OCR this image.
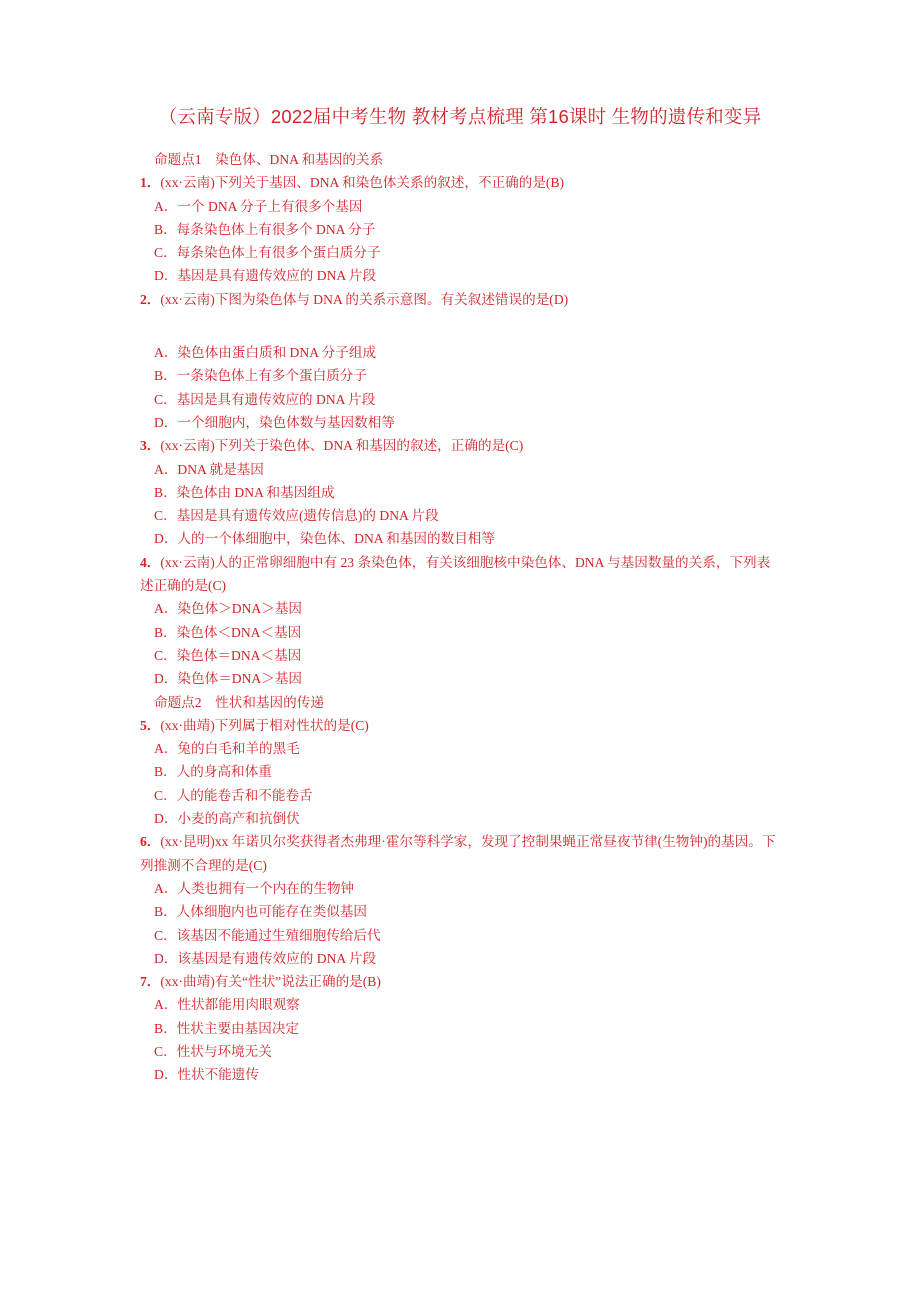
（云南专版）2022届中考生物 教材考点梳理 第16课时 生物的遗传和变异
命题点1　染色体、DNA 和基因的关系
1．(xx·云南)下列关于基因、DNA 和染色体关系的叙述，不正确的是(B)
A．一个 DNA 分子上有很多个基因
B．每条染色体上有很多个 DNA 分子
C．每条染色体上有很多个蛋白质分子
D．基因是具有遗传效应的 DNA 片段
2．(xx·云南)下图为染色体与 DNA 的关系示意图。有关叙述错误的是(D)
A．染色体由蛋白质和 DNA 分子组成
B．一条染色体上有多个蛋白质分子
C．基因是具有遗传效应的 DNA 片段
D．一个细胞内，染色体数与基因数相等
3．(xx·云南)下列关于染色体、DNA 和基因的叙述，正确的是(C)
A．DNA 就是基因
B．染色体由 DNA 和基因组成
C．基因是具有遗传效应(遗传信息)的 DNA 片段
D．人的一个体细胞中，染色体、DNA 和基因的数目相等
4．(xx·云南)人的正常卵细胞中有 23 条染色体，有关该细胞核中染色体、DNA 与基因数量的关系，下列表述正确的是(C)
A．染色体＞DNA＞基因
B．染色体＜DNA＜基因
C．染色体＝DNA＜基因
D．染色体＝DNA＞基因
命题点2　性状和基因的传递
5．(xx·曲靖)下列属于相对性状的是(C)
A．兔的白毛和羊的黑毛
B．人的身高和体重
C．人的能卷舌和不能卷舌
D．小麦的高产和抗倒伏
6．(xx·昆明)xx 年诺贝尔奖获得者杰弗理·霍尔等科学家，发现了控制果蝇正常昼夜节律(生物钟)的基因。下列推测不合理的是(C)
A．人类也拥有一个内在的生物钟
B．人体细胞内也可能存在类似基因
C．该基因不能通过生殖细胞传给后代
D．该基因是有遗传效应的 DNA 片段
7．(xx·曲靖)有关“性状”说法正确的是(B)
A．性状都能用肉眼观察
B．性状主要由基因决定
C．性状与环境无关
D．性状不能遗传
